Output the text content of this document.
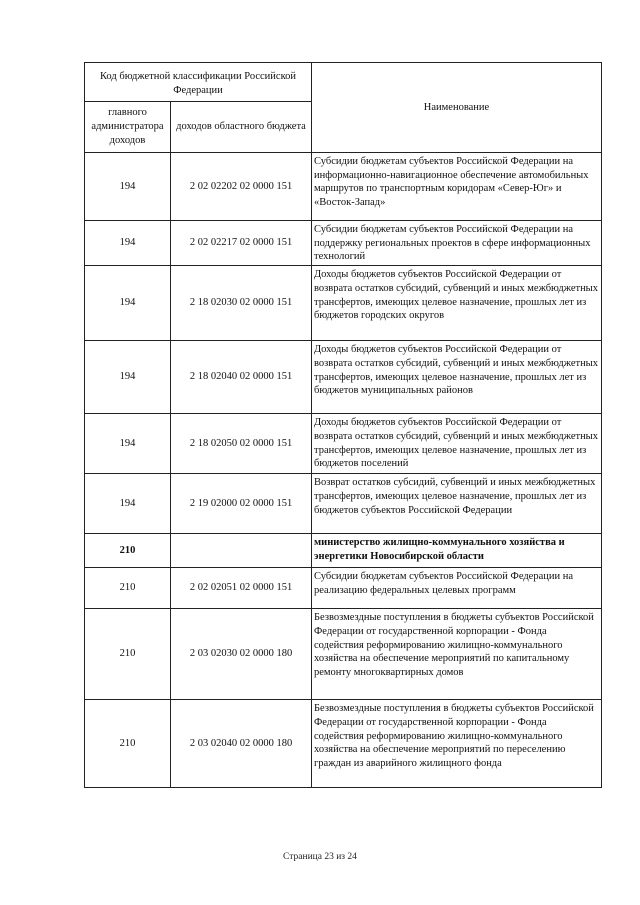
Код бюджетной классификации Российской Федерации		Наименование
главного администратора доходов	доходов областного бюджета	
194	2 02 02202 02 0000 151	Субсидии бюджетам субъектов Российской Федерации на информационно-навигационное обеспечение автомобильных маршрутов по транспортным коридорам «Север-Юг» и «Восток-Запад»
194	2 02 02217 02 0000 151	Субсидии бюджетам субъектов Российской Федерации на поддержку региональных проектов в сфере информационных технологий
194	2 18 02030 02 0000 151	Доходы бюджетов субъектов Российской Федерации от возврата остатков субсидий, субвенций и иных межбюджетных трансфертов, имеющих целевое назначение, прошлых лет из бюджетов городских округов
194	2 18 02040 02 0000 151	Доходы бюджетов субъектов Российской Федерации от возврата остатков субсидий, субвенций и иных межбюджетных трансфертов, имеющих целевое назначение, прошлых лет из бюджетов муниципальных районов
194	2 18 02050 02 0000 151	Доходы бюджетов субъектов Российской Федерации от возврата остатков субсидий, субвенций и иных межбюджетных трансфертов, имеющих целевое назначение, прошлых лет из бюджетов поселений
194	2 19 02000 02 0000 151	Возврат остатков субсидий, субвенций и иных межбюджетных трансфертов, имеющих целевое назначение, прошлых лет из бюджетов субъектов Российской Федерации
210		министерство жилищно-коммунального хозяйства и энергетики Новосибирской области
210	2 02 02051 02 0000 151	Субсидии бюджетам субъектов Российской Федерации на реализацию федеральных целевых программ
210	2 03 02030 02 0000 180	Безвозмездные поступления в бюджеты субъектов Российской Федерации от государственной корпорации - Фонда содействия реформированию жилищно-коммунального хозяйства на обеспечение мероприятий по капитальному ремонту многоквартирных домов
210	2 03 02040 02 0000 180	Безвозмездные поступления в бюджеты субъектов Российской Федерации от государственной корпорации - Фонда содействия реформированию жилищно-коммунального хозяйства на обеспечение мероприятий по переселению граждан из аварийного жилищного фонда
Страница 23 из 24
